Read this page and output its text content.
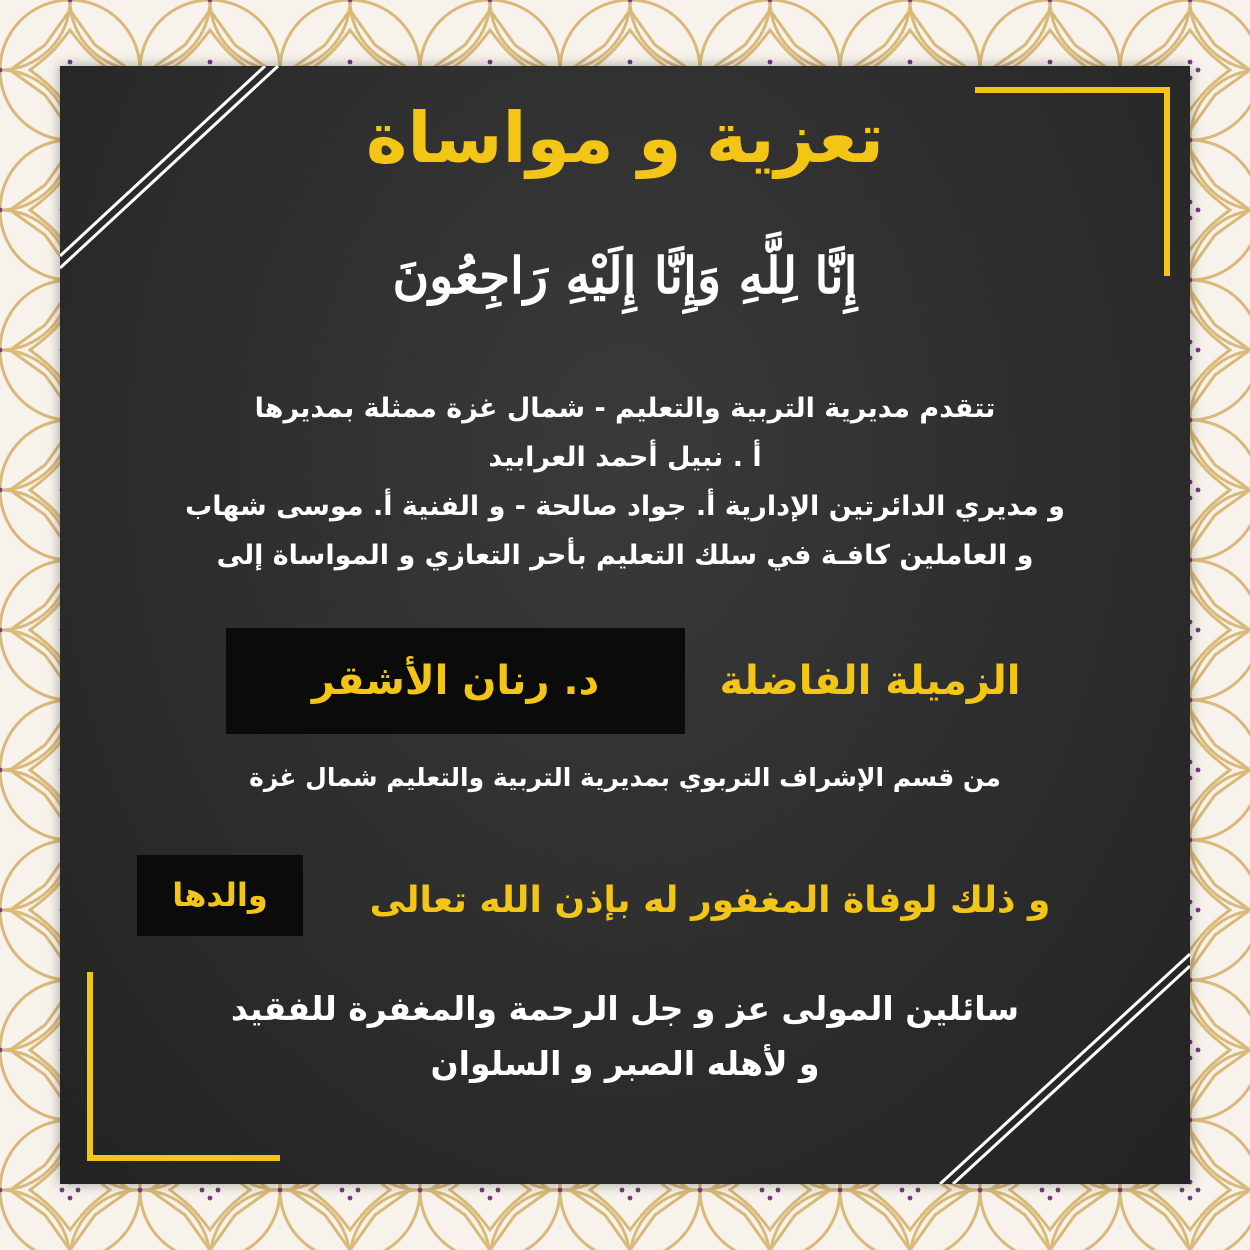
تعزية و مواساة
إِنَّا لِلَّهِ وَإِنَّا إِلَيْهِ رَاجِعُونَ
تتقدم مديرية التربية والتعليم - شمال غزة ممثلة بمديرها
أ . نبيل أحمد العرابيد
و مديري الدائرتين الإدارية أ. جواد صالحة - و الفنية أ. موسى شهاب
و العاملين كافـة في سلك التعليم بأحر التعازي و المواساة إلى
الزميلة الفاضلة
د. رنان الأشقر
من قسم الإشراف التربوي بمديرية التربية والتعليم شمال غزة
و ذلك لوفاة المغفور له بإذن الله تعالى
والدها
سائلين المولى عز و جل الرحمة والمغفرة للفقيد
و لأهله الصبر و السلوان
